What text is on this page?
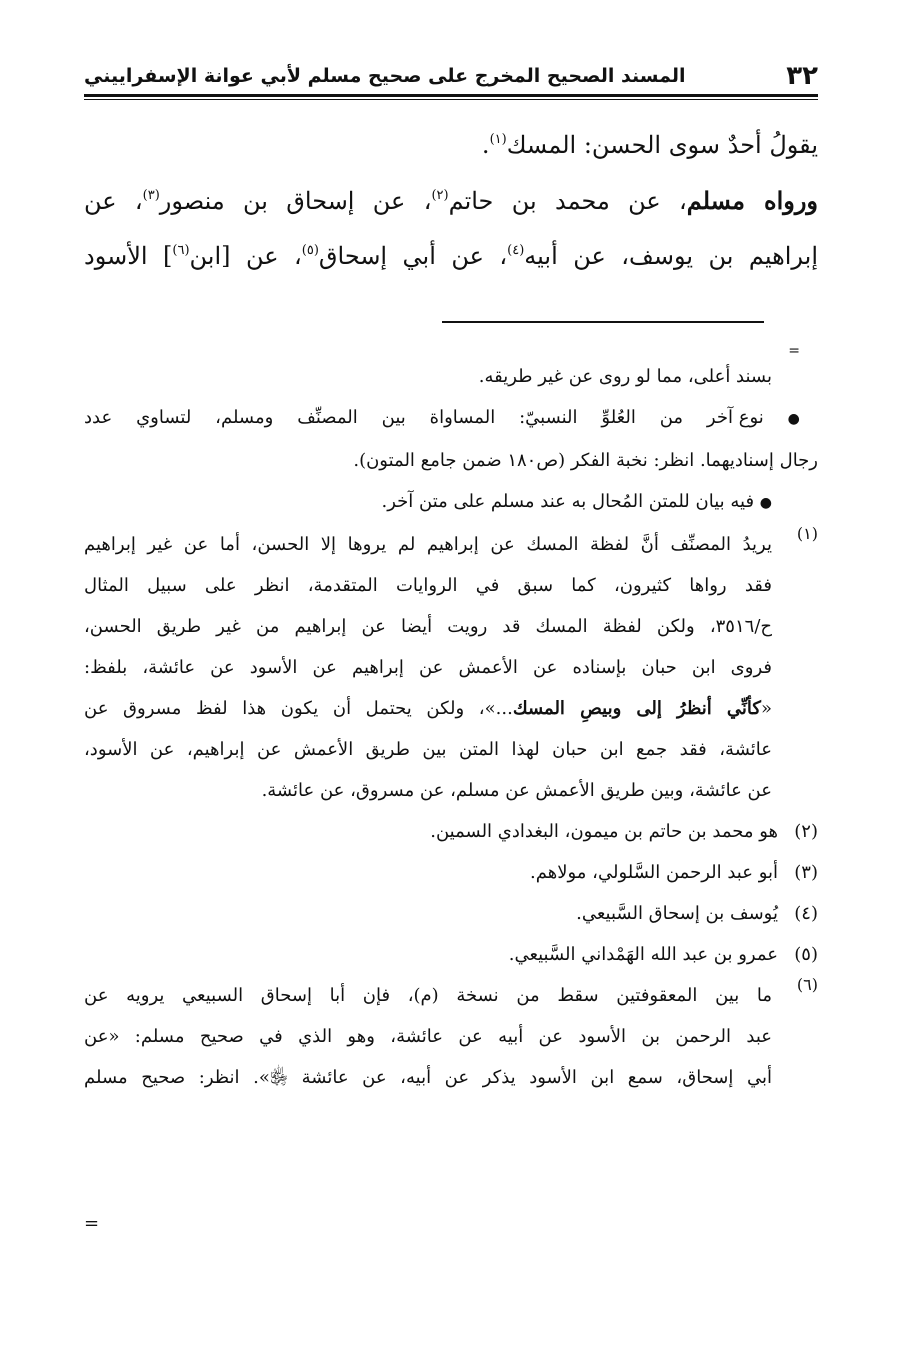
٣٢
المسند الصحيح المخرج على صحيح مسلم لأبي عوانة الإسفراييني
يقولُ أحدٌ سوى الحسن: المسك$^{(١)}$.
ورواه مسلم، عن محمد بن حاتم$^{(٢)}$، عن إسحاق بن منصور$^{(٣)}$، عن
إبراهيم بن يوسف، عن أبيه$^{(٤)}$، عن أبي إسحاق$^{(٥)}$، عن [ابن$^{(٦)}$] الأسود
=
بسند أعلى، مما لو روى عن غير طريقه.
● نوع آخر من العُلوِّ النسبيّ: المساواة بين المصنِّف ومسلم، لتساوي عدد
رجال إسناديهما. انظر: نخبة الفكر (ص١٨٠ ضمن جامع المتون).
● فيه بيان للمتن المُحال به عند مسلم على متن آخر.
(١)
يريدُ المصنِّف أنَّ لفظة المسك عن إبراهيم لم يروها إلا الحسن، أما عن غير إبراهيم
فقد رواها كثيرون، كما سبق في الروايات المتقدمة، انظر على سبيل المثال
ح/٣٥١٦، ولكن لفظة المسك قد رويت أيضا عن إبراهيم من غير طريق الحسن،
فروى ابن حبان بإسناده عن الأعمش عن إبراهيم عن الأسود عن عائشة، بلفظ:
«كأنِّي أنظرُ إلى وبيصِ المسك...»، ولكن يحتمل أن يكون هذا لفظ مسروق عن
عائشة، فقد جمع ابن حبان لهذا المتن بين طريق الأعمش عن إبراهيم، عن الأسود،
عن عائشة، وبين طريق الأعمش عن مسلم، عن مسروق، عن عائشة.
(٢)هو محمد بن حاتم بن ميمون، البغدادي السمين.
(٣)أبو عبد الرحمن السَّلولي، مولاهم.
(٤)يُوسف بن إسحاق السَّبيعي.
(٥)عمرو بن عبد الله الهَمْداني السَّبيعي.
(٦)
ما بين المعقوفتين سقط من نسخة (م)، فإن أبا إسحاق السبيعي يرويه عن
عبد الرحمن بن الأسود عن أبيه عن عائشة، وهو الذي في صحيح مسلم: «عن
أبي إسحاق، سمع ابن الأسود يذكر عن أبيه، عن عائشة ﵂». انظر: صحيح مسلم
=
